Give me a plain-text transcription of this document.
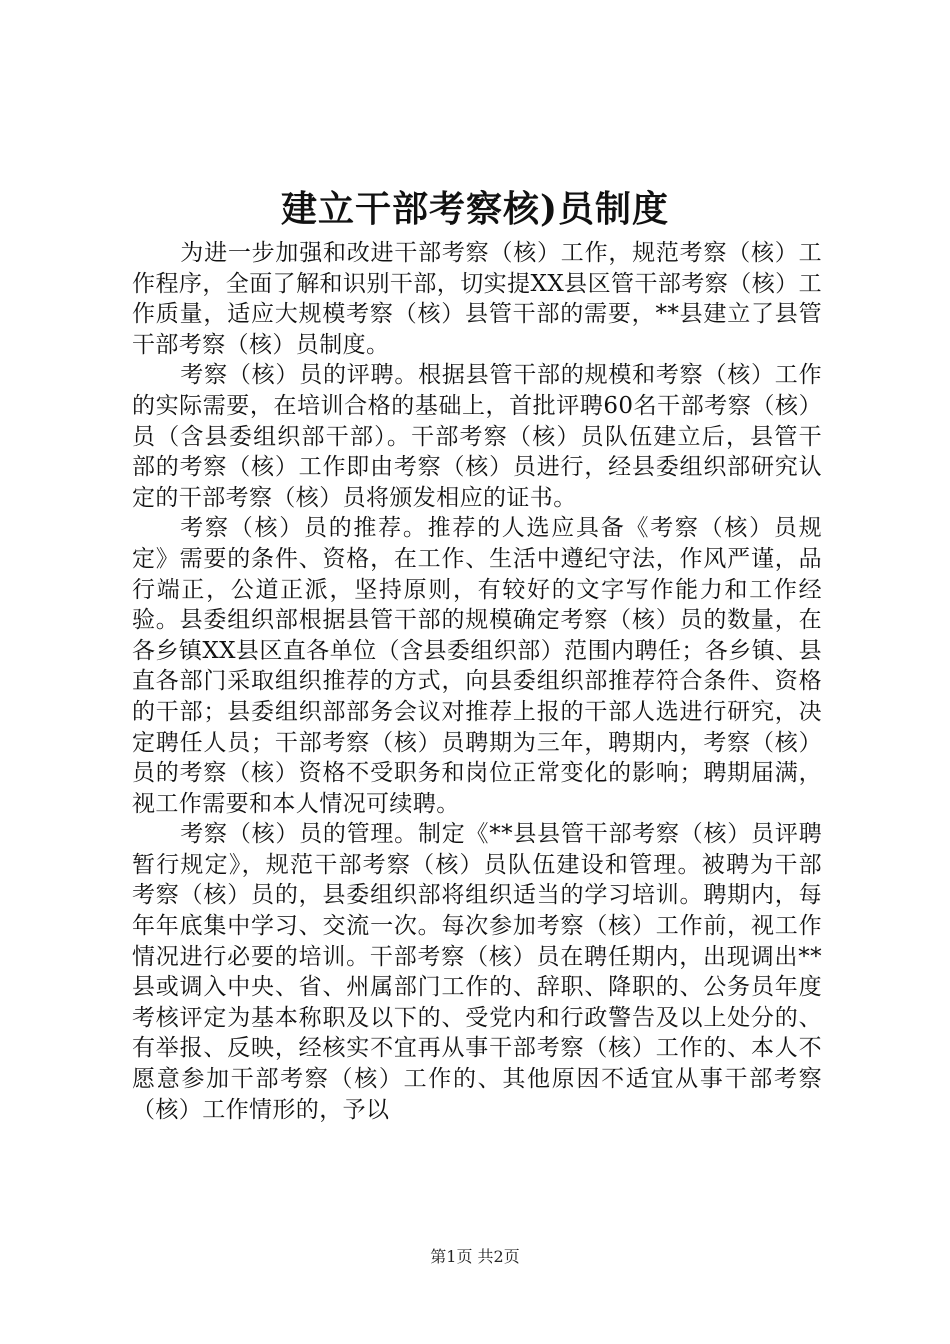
建立干部考察核)员制度

为进一步加强和改进干部考察（核）工作，规范考察（核）工作程序，全面了解和识别干部，切实提XX县区管干部考察（核）工作质量，适应大规模考察（核）县管干部的需要，**县建立了县管干部考察（核）员制度。

考察（核）员的评聘。根据县管干部的规模和考察（核）工作的实际需要，在培训合格的基础上，首批评聘60名干部考察（核）员（含县委组织部干部）。干部考察（核）员队伍建立后，县管干部的考察（核）工作即由考察（核）员进行，经县委组织部研究认定的干部考察（核）员将颁发相应的证书。

考察（核）员的推荐。推荐的人选应具备《考察（核）员规定》需要的条件、资格，在工作、生活中遵纪守法，作风严谨，品行端正，公道正派，坚持原则，有较好的文字写作能力和工作经验。县委组织部根据县管干部的规模确定考察（核）员的数量，在各乡镇XX县区直各单位（含县委组织部）范围内聘任；各乡镇、县直各部门采取组织推荐的方式，向县委组织部推荐符合条件、资格的干部；县委组织部部务会议对推荐上报的干部人选进行研究，决定聘任人员；干部考察（核）员聘期为三年，聘期内，考察（核）员的考察（核）资格不受职务和岗位正常变化的影响；聘期届满，视工作需要和本人情况可续聘。

考察（核）员的管理。制定《**县县管干部考察（核）员评聘暂行规定》，规范干部考察（核）员队伍建设和管理。被聘为干部考察（核）员的，县委组织部将组织适当的学习培训。聘期内，每年年底集中学习、交流一次。每次参加考察（核）工作前，视工作情况进行必要的培训。干部考察（核）员在聘任期内，出现调出**县或调入中央、省、州属部门工作的、辞职、降职的、公务员年度考核评定为基本称职及以下的、受党内和行政警告及以上处分的、有举报、反映，经核实不宜再从事干部考察（核）工作的、本人不愿意参加干部考察（核）工作的、其他原因不适宜从事干部考察（核）工作情形的，予以

第1页 共2页
